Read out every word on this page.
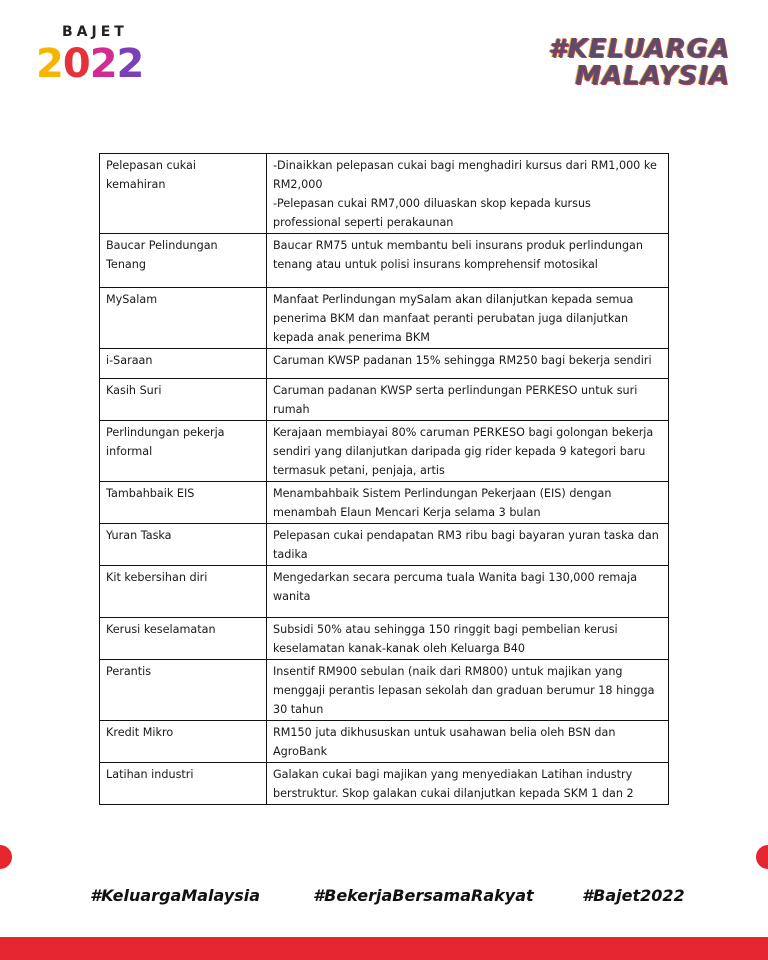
BAJET
2022	#KELUARGA
MALAYSIA
Pelepasan cukai
kemahiran	-Dinaikkan pelepasan cukai bagi menghadiri kursus dari RM1,000 ke
RM2,000
-Pelepasan cukai RM7,000 diluaskan skop kepada kursus
professional seperti perakaunan

Baucar Pelindungan
Tenang	Baucar RM75 untuk membantu beli insurans produk perlindungan
tenang atau untuk polisi insurans komprehensif motosikal

MySalam	Manfaat Perlindungan mySalam akan dilanjutkan kepada semua
penerima BKM dan manfaat peranti perubatan juga dilanjutkan
kepada anak penerima BKM

i-Saraan	Caruman KWSP padanan 15% sehingga RM250 bagi bekerja sendiri

Kasih Suri	Caruman padanan KWSP serta perlindungan PERKESO untuk suri
rumah

Perlindungan pekerja
informal	Kerajaan membiayai 80% caruman PERKESO bagi golongan bekerja
sendiri yang dilanjutkan daripada gig rider kepada 9 kategori baru
termasuk petani, penjaja, artis

Tambahbaik EIS	Menambahbaik Sistem Perlindungan Pekerjaan (EIS) dengan
menambah Elaun Mencari Kerja selama 3 bulan

Yuran Taska	Pelepasan cukai pendapatan RM3 ribu bagi bayaran yuran taska dan
tadika

Kit kebersihan diri	Mengedarkan secara percuma tuala Wanita bagi 130,000 remaja
wanita

Kerusi keselamatan	Subsidi 50% atau sehingga 150 ringgit bagi pembelian kerusi
keselamatan kanak-kanak oleh Keluarga B40

Perantis	Insentif RM900 sebulan (naik dari RM800) untuk majikan yang
menggaji perantis lepasan sekolah dan graduan berumur 18 hingga
30 tahun

Kredit Mikro	RM150 juta dikhususkan untuk usahawan belia oleh BSN dan
AgroBank

Latihan industri	Galakan cukai bagi majikan yang menyediakan Latihan industry
berstruktur. Skop galakan cukai dilanjutkan kepada SKM 1 dan 2
#KeluargaMalaysia	#BekerjaBersamaRakyat	#Bajet2022
